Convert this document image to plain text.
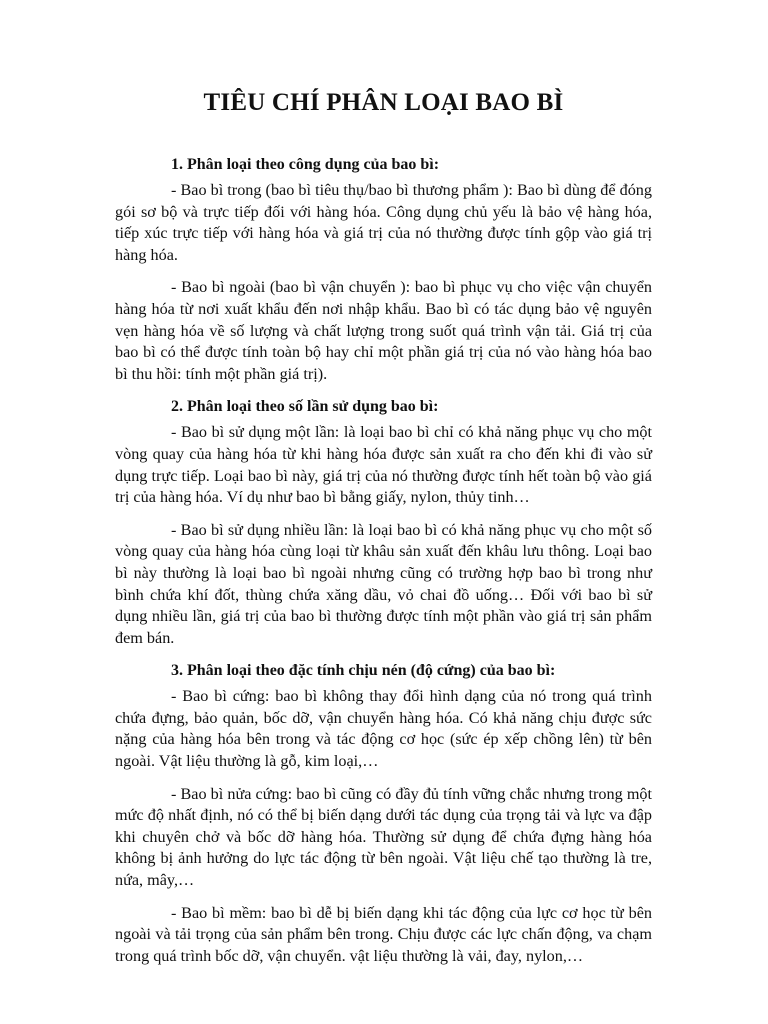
TIÊU CHÍ PHÂN LOẠI BAO BÌ
1. Phân loại theo công dụng của bao bì:

- Bao bì trong (bao bì tiêu thụ/bao bì thương phẩm ): Bao bì dùng để đóng gói sơ bộ và trực tiếp đối với hàng hóa. Công dụng chủ yếu là bảo vệ hàng hóa, tiếp xúc trực tiếp với hàng hóa và giá trị của nó thường được tính gộp vào giá trị hàng hóa.

- Bao bì ngoài (bao bì vận chuyển ): bao bì phục vụ cho việc vận chuyển hàng hóa từ nơi xuất khẩu đến nơi nhập khẩu. Bao bì có tác dụng bảo vệ nguyên vẹn hàng hóa về số lượng và chất lượng trong suốt quá trình vận tải. Giá trị của bao bì có thể được tính toàn bộ hay chỉ một phần giá trị của nó vào hàng hóa bao bì thu hồi: tính một phần giá trị).

2. Phân loại theo số lần sử dụng bao bì:

- Bao bì sử dụng một lần: là loại bao bì chỉ có khả năng phục vụ cho một vòng quay của hàng hóa từ khi hàng hóa được sản xuất ra cho đến khi đi vào sử dụng trực tiếp. Loại bao bì này, giá trị của nó thường được tính hết toàn bộ vào giá trị của hàng hóa. Ví dụ như bao bì bằng giấy, nylon, thủy tinh…

- Bao bì sử dụng nhiều lần: là loại bao bì có khả năng phục vụ cho một số vòng quay của hàng hóa cùng loại từ khâu sản xuất đến khâu lưu thông. Loại bao bì này thường là loại bao bì ngoài nhưng cũng có trường hợp bao bì trong như bình chứa khí đốt, thùng chứa xăng dầu, vỏ chai đồ uống… Đối với bao bì sử dụng nhiều lần, giá trị của bao bì thường được tính một phần vào giá trị sản phẩm đem bán.

3. Phân loại theo đặc tính chịu nén (độ cứng) của bao bì:

- Bao bì cứng: bao bì không thay đổi hình dạng của nó trong quá trình chứa đựng, bảo quản, bốc dỡ, vận chuyển hàng hóa. Có khả năng chịu được sức nặng của hàng hóa bên trong và tác động cơ học (sức ép xếp chồng lên) từ bên ngoài. Vật liệu thường là gỗ, kim loại,…

- Bao bì nửa cứng: bao bì cũng có đầy đủ tính vững chắc nhưng trong một mức độ nhất định, nó có thể bị biến dạng dưới tác dụng của trọng tải và lực va đập khi chuyên chở và bốc dỡ hàng hóa. Thường sử dụng để chứa đựng hàng hóa không bị ảnh hưởng do lực tác động từ bên ngoài. Vật liệu chế tạo thường là tre, nứa, mây,…

- Bao bì mềm: bao bì dễ bị biến dạng khi tác động của lực cơ học từ bên ngoài và tải trọng của sản phẩm bên trong. Chịu được các lực chấn động, va chạm trong quá trình bốc dỡ, vận chuyển. vật liệu thường là vải, đay, nylon,…
